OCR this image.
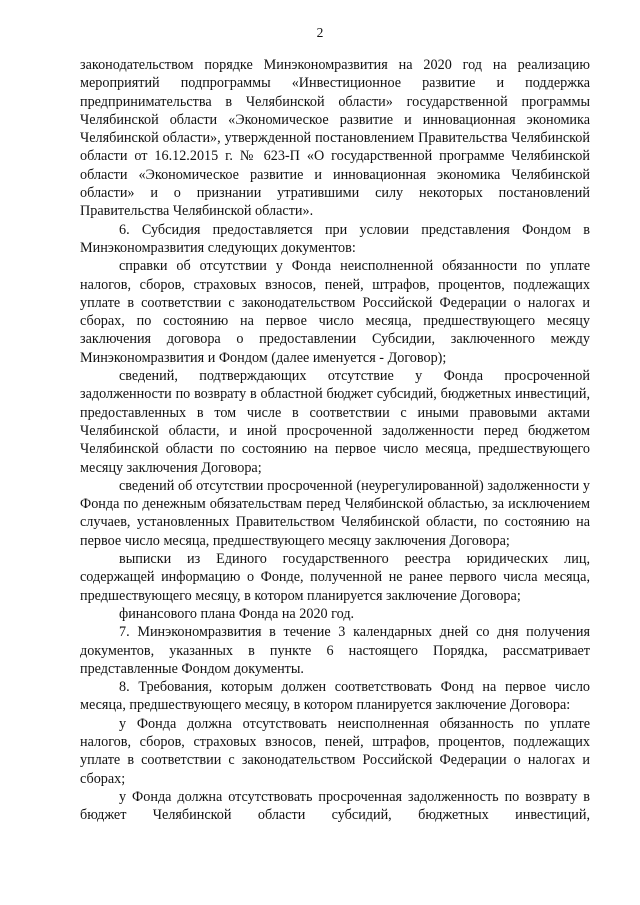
2

законодательством порядке Минэкономразвития на 2020 год на реализацию мероприятий подпрограммы «Инвестиционное развитие и поддержка предпринимательства в Челябинской области» государственной программы Челябинской области «Экономическое развитие и инновационная экономика Челябинской области», утвержденной постановлением Правительства Челябинской области от 16.12.2015 г. № 623-П «О государственной программе Челябинской области «Экономическое развитие и инновационная экономика Челябинской области» и о признании утратившими силу некоторых постановлений Правительства Челябинской области».

6. Субсидия предоставляется при условии представления Фондом в Минэкономразвития следующих документов:

справки об отсутствии у Фонда неисполненной обязанности по уплате налогов, сборов, страховых взносов, пеней, штрафов, процентов, подлежащих уплате в соответствии с законодательством Российской Федерации о налогах и сборах, по состоянию на первое число месяца, предшествующего месяцу заключения договора о предоставлении Субсидии, заключенного между Минэкономразвития и Фондом (далее именуется - Договор);

сведений, подтверждающих отсутствие у Фонда просроченной задолженности по возврату в областной бюджет субсидий, бюджетных инвестиций, предоставленных в том числе в соответствии с иными правовыми актами Челябинской области, и иной просроченной задолженности перед бюджетом Челябинской области по состоянию на первое число месяца, предшествующего месяцу заключения Договора;

сведений об отсутствии просроченной (неурегулированной) задолженности у Фонда по денежным обязательствам перед Челябинской областью, за исключением случаев, установленных Правительством Челябинской области, по состоянию на первое число месяца, предшествующего месяцу заключения Договора;

выписки из Единого государственного реестра юридических лиц, содержащей информацию о Фонде, полученной не ранее первого числа месяца, предшествующего месяцу, в котором планируется заключение Договора;

финансового плана Фонда на 2020 год.

7. Минэкономразвития в течение 3 календарных дней со дня получения документов, указанных в пункте 6 настоящего Порядка, рассматривает представленные Фондом документы.

8. Требования, которым должен соответствовать Фонд на первое число месяца, предшествующего месяцу, в котором планируется заключение Договора:

у Фонда должна отсутствовать неисполненная обязанность по уплате налогов, сборов, страховых взносов, пеней, штрафов, процентов, подлежащих уплате в соответствии с законодательством Российской Федерации о налогах и сборах;

у Фонда должна отсутствовать просроченная задолженность по возврату в бюджет Челябинской области субсидий, бюджетных инвестиций,
